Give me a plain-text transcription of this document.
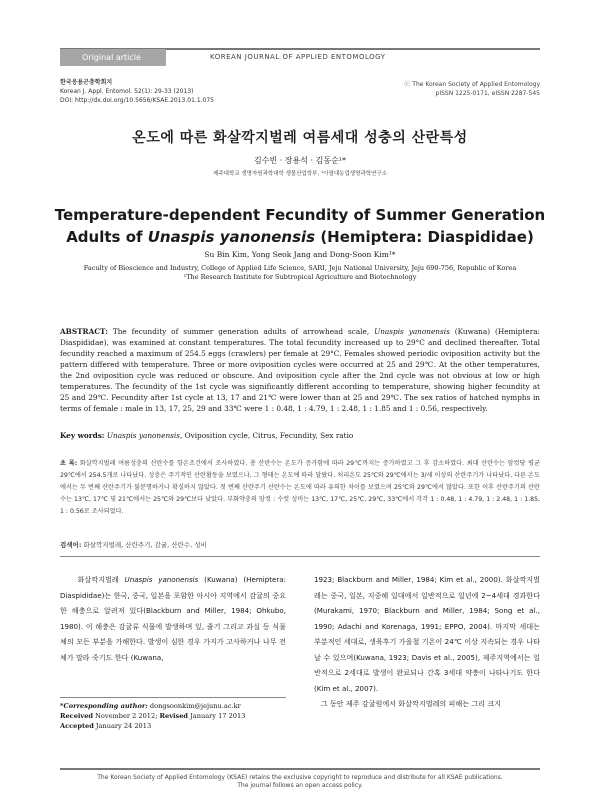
Original article	KOREAN JOURNAL OF APPLIED ENTOMOLOGY
한국응용곤충학회지
Korean J. Appl. Entomol. 52(1): 29-33 (2013)
DOI: http://dx.doi.org/10.5656/KSAE.2013.01.1.075
ⓒ The Korean Society of Applied Entomology
pISSN 1225-0171, eISSN 2287-545
온도에 따른 화살깍지벌레 여름세대 성충의 산란특성
김수빈 · 장용석 · 김동순¹*
제주대학교 생명자원과학대학 생물산업학부, ¹아열대농업생명과학연구소
Temperature-dependent Fecundity of Summer Generation Adults of Unaspis yanonensis (Hemiptera: Diaspididae)
Su Bin Kim, Yong Seok Jang and Dong-Soon Kim¹*
Faculty of Bioscience and Industry, College of Applied Life Science, SARI, Jeju National University, Jeju 690-756, Republic of Korea
¹The Research Institute for Subtropical Agriculture and Biotechnology
ABSTRACT: The fecundity of summer generation adults of arrowhead scale, Unaspis yanonensis (Kuwana) (Hemiptera: Diaspididae), was examined at constant temperatures. The total fecundity increased up to 29°C and declined thereafter. Total fecundity reached a maximum of 254.5 eggs (crawlers) per female at 29°C. Females showed periodic oviposition activity but the pattern differed with temperature. Three or more oviposition cycles were occurred at 25 and 29℃. At the other temperatures, the 2nd oviposition cycle was reduced or obscure. And oviposition cycle after the 2nd cycle was not obvious at low or high temperatures. The fecundity of the 1st cycle was significantly different according to temperature, showing higher fecundity at 25 and 29℃. Fecundity after 1st cycle at 13, 17 and 21℃ were lower than at 25 and 29℃. The sex ratios of hatched nymphs in terms of female : male in 13, 17, 25, 29 and 33℃ were 1 : 0.48, 1 : 4.79, 1 : 2.48, 1 : 1.85 and 1 : 0.56, respectively.
Key words: Unaspis yanonensis, Oviposition cycle, Citrus, Fecundity, Sex ratio
초 록: 화살깍지벌레 여름성충의 산란수를 항온조건에서 조사하였다. 총 산란수는 온도가 증가함에 따라 29℃까지는 증가하였고 그 후 감소하였다. 최대 산란수는 암컷당 평균 29℃에서 254.5개로 나타났다. 성충은 주기적인 산란활동을 보였으나, 그 형태는 온도에 따라 달랐다. 처리온도 25℃와 29℃에서는 3/세 이상의 산란주기가 나타났다. 다른 온도에서는 두 번째 산란주기가 불분명하거나 확실하지 않았다. 첫 번째 산란주기 산란수는 온도에 따라 유의한 차이를 보였으며 25℃와 29℃에서 많았다. 또한 이후 산란주기의 산란수는 13℃, 17℃ 및 21℃에서는 25℃와 29℃보다 낮았다. 부화약충의 암컷 : 수컷 성비는 13℃, 17℃, 25℃, 29℃, 33℃에서 각각 1 : 0.48, 1 : 4.79, 1 : 2.48, 1 : 1.85, 1 : 0.56로 조사되었다.
검색어: 화살깍지벌레, 산란주기, 감귤, 산란수, 성비
화살깍지벌레 Unaspis yanonensis (Kuwana) (Hemiptera: Diaspididae)는 한국, 중국, 일본을 포함한 아시아 지역에서 감귤의 중요한 해충으로 알려져 있다(Blackburn and Miller, 1984; Ohkubo, 1980). 이 해충은 감귤류 식물에 발생하며 잎, 줄기 그리고 과실 등 식물체의 모든 부분을 가해한다. 발생이 심한 경우 가지가 고사하거나 나무 전체가 말라 죽기도 한다 (Kuwana,
1923; Blackburn and Miller, 1984; Kim et al., 2000). 화살깍지벌레는 중국, 일본, 지중해 일대에서 일반적으로 일년에 2~4세대 경과한다(Murakami, 1970; Blackburn and Miller, 1984; Song et al., 1990; Adachi and Korenaga, 1991; EPPO, 2004). 마지막 세대는 부분적인 세대로, 생육후기 가을철 기온이 24℃ 이상 지속되는 경우 나타날 수 있으며(Kuwana, 1923; Davis et al., 2005), 제주지역에서는 일반적으로 2세대로 발생이 완료되나 간혹 3세대 약충이 나타나기도 한다(Kim et al., 2007).
그 동안 제주 감귤원에서 화살깍지벌레의 피해는 그리 크지
*Corresponding author: dongsoonkim@jejunu.ac.kr
Received November 2 2012; Revised January 17 2013
Accepted January 24 2013
The Korean Society of Applied Entomology (KSAE) retains the exclusive copyright to reproduce and distribute for all KSAE publications.
The journal follows an open access policy.
